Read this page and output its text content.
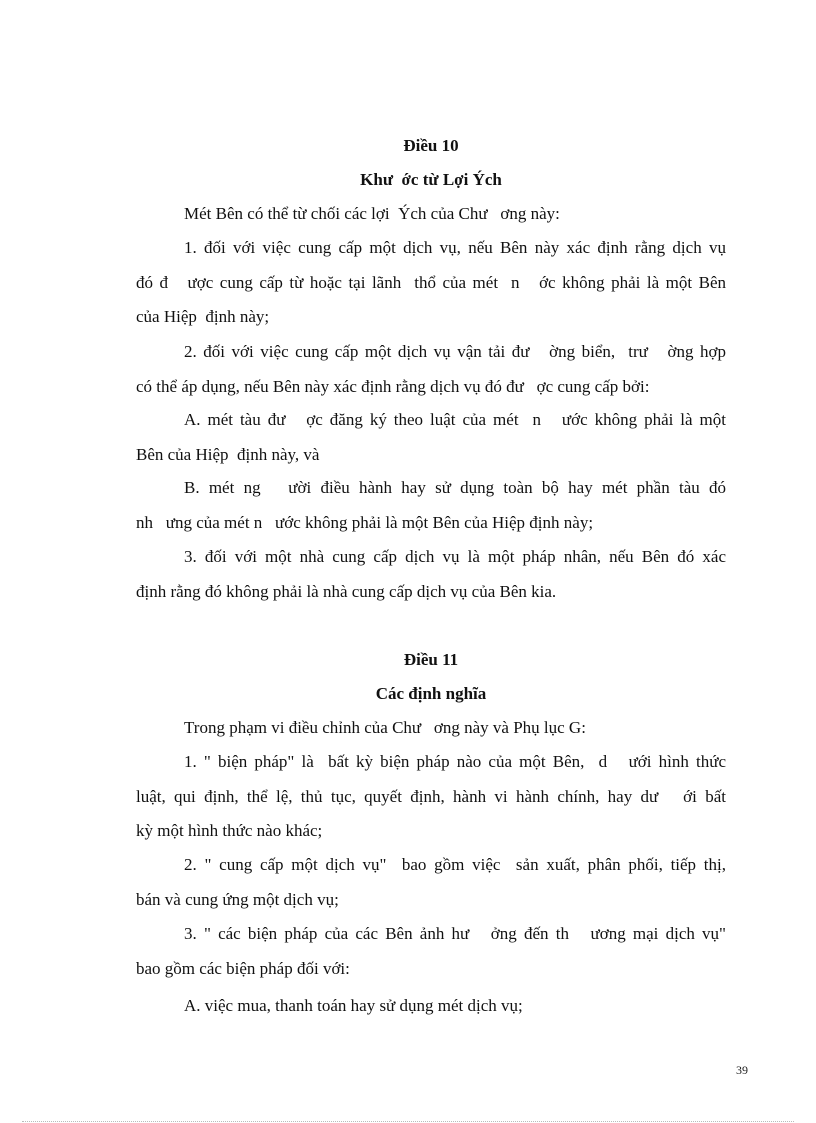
Điều 10
Khư  ớc từ Lợi Ých
Mét Bên có thể từ chối các lợi  Ých của Chư   ơng này:
1. đối với việc cung cấp một dịch vụ, nếu Bên này xác định rằng dịch vụ
đó đ   ược cung cấp từ hoặc tại lãnh  thổ của mét  n   ớc không phải là một Bên
của Hiệp  định này;
2. đối với việc cung cấp một dịch vụ vận tải đư   ờng biển,  trư   ờng hợp
có thể áp dụng, nếu Bên này xác định rằng dịch vụ đó đư   ợc cung cấp bởi:
A. mét tàu đư   ợc đăng ký theo luật của mét  n   ước không phải là một
Bên của Hiệp  định này, và
B. mét ng   ười điều hành hay sử dụng toàn bộ hay mét phần tàu đó
nh   ưng của mét n   ước không phải là một Bên của Hiệp định này;
3. đối với một nhà cung cấp dịch vụ là một pháp nhân, nếu Bên đó xác
định rằng đó không phải là nhà cung cấp dịch vụ của Bên kia.
Điều 11
Các định nghĩa
Trong phạm vi điều chỉnh của Chư   ơng này và Phụ lục G:
1. " biện pháp" là  bất kỳ biện pháp nào của một Bên,  d   ưới hình thức
luật, qui định, thể lệ, thủ tục, quyết định, hành vi hành chính, hay dư   ới bất
kỳ một hình thức nào khác;
2. " cung cấp một dịch vụ"  bao gồm việc  sản xuất, phân phối, tiếp thị,
bán và cung ứng một dịch vụ;
3. " các biện pháp của các Bên ảnh hư   ởng đến th   ương mại dịch vụ"
bao gồm các biện pháp đối với:
A. việc mua, thanh toán hay sử dụng mét dịch vụ;
39
